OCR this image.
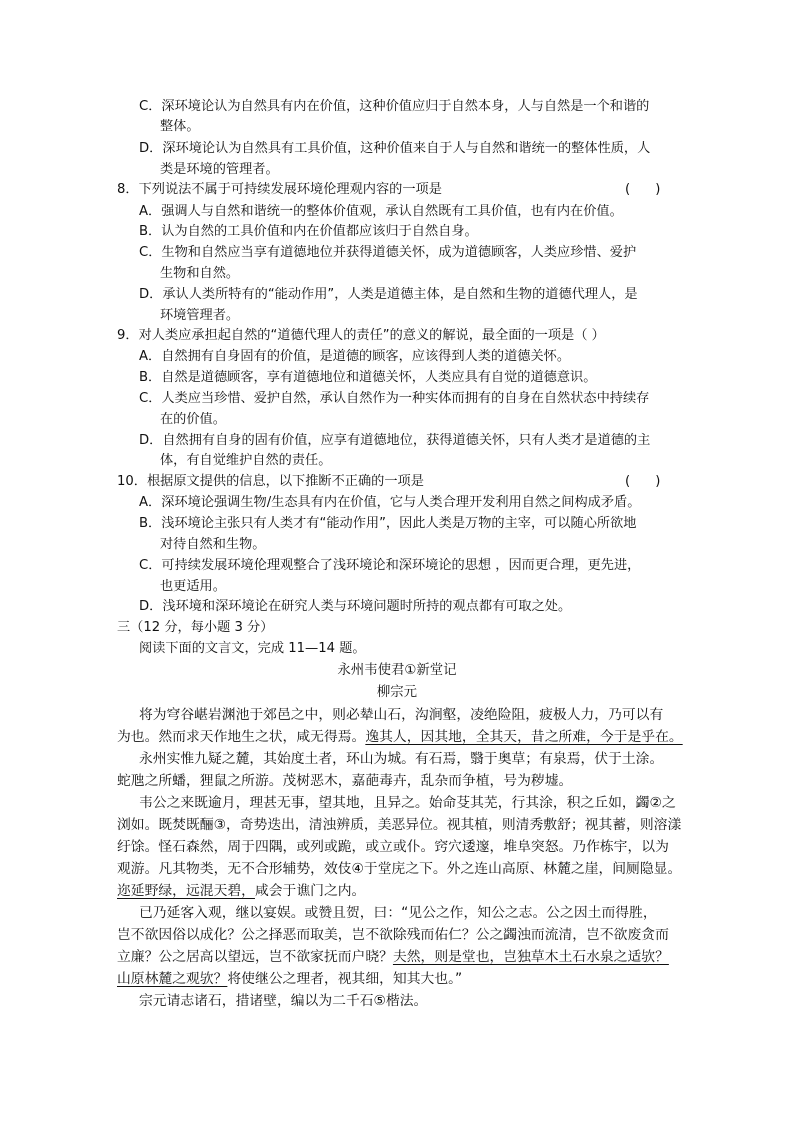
C．深环境论认为自然具有内在价值，这种价值应归于自然本身，人与自然是一个和谐的
整体。
D．深环境论认为自然具有工具价值，这种价值来自于人与自然和谐统一的整体性质，人
类是环境的管理者。
8．下列说法不属于可持续发展环境伦理观内容的一项是	(      )
A．强调人与自然和谐统一的整体价值观，承认自然既有工具价值，也有内在价值。
B．认为自然的工具价值和内在价值都应该归于自然自身。
C．生物和自然应当享有道德地位并获得道德关怀，成为道德顾客，人类应珍惜、爱护
生物和自然。
D．承认人类所特有的“能动作用”，人类是道德主体，是自然和生物的道德代理人，是
环境管理者。
9．对人类应承担起自然的“道德代理人的责任”的意义的解说，最全面的一项是（ ）
A．自然拥有自身固有的价值，是道德的顾客，应该得到人类的道德关怀。
B．自然是道德顾客，享有道德地位和道德关怀，人类应具有自觉的道德意识。
C．人类应当珍惜、爱护自然，承认自然作为一种实体而拥有的自身在自然状态中持续存
在的价值。
D．自然拥有自身的固有价值，应享有道德地位，获得道德关怀，只有人类才是道德的主
体，有自觉维护自然的责任。
10．根据原文提供的信息，以下推断不正确的一项是	(      )
A．深环境论强调生物/生态具有内在价值，它与人类合理开发利用自然之间构成矛盾。
B．浅环境论主张只有人类才有“能动作用”，因此人类是万物的主宰，可以随心所欲地
对待自然和生物。
C．可持续发展环境伦理观整合了浅环境论和深环境论的思想 ，因而更合理，更先进，
也更适用。
D．浅环境和深环境论在研究人类与环境问题时所持的观点都有可取之处。
三（12 分，每小题 3 分）
阅读下面的文言文，完成 11—14 题。
永州韦使君①新堂记
柳宗元
将为穹谷嵁岩渊池于郊邑之中，则必辇山石，沟涧壑，凌绝险阻，疲极人力，乃可以有
为也。然而求天作地生之状，咸无得焉。逸其人，因其地，全其天，昔之所难，今于是乎在。
永州实惟九疑之麓，其始度土者，环山为城。有石焉，翳于奥草；有泉焉，伏于土涂。
蛇虺之所蟠，狸鼠之所游。茂树恶木，嘉葩毒卉，乱杂而争植，号为秽墟。
韦公之来既逾月，理甚无事，望其地，且异之。始命芟其芜，行其涂，积之丘如，蠲②之
浏如。既焚既酾③，奇势迭出，清浊辨质，美恶异位。视其植，则清秀敷舒；视其蓄，则溶漾
纡馀。怪石森然，周于四隅，或列或跪，或立或仆。窍穴逶邃，堆阜突怒。乃作栋宇，以为
观游。凡其物类，无不合形辅势，效伎④于堂庑之下。外之连山高原、林麓之崖，间厕隐显。
迩延野绿，远混天碧，咸会于谯门之内。
已乃延客入观，继以宴娱。或赞且贺，曰：“见公之作，知公之志。公之因土而得胜，
岂不欲因俗以成化？公之择恶而取美，岂不欲除残而佑仁？公之蠲浊而流清，岂不欲废贪而
立廉？公之居高以望远，岂不欲家抚而户晓？夫然，则是堂也，岂独草木土石水泉之适欤？
山原林麓之观欤？将使继公之理者，视其细，知其大也。”
宗元请志诸石，措诸壁，编以为二千石⑤楷法。
